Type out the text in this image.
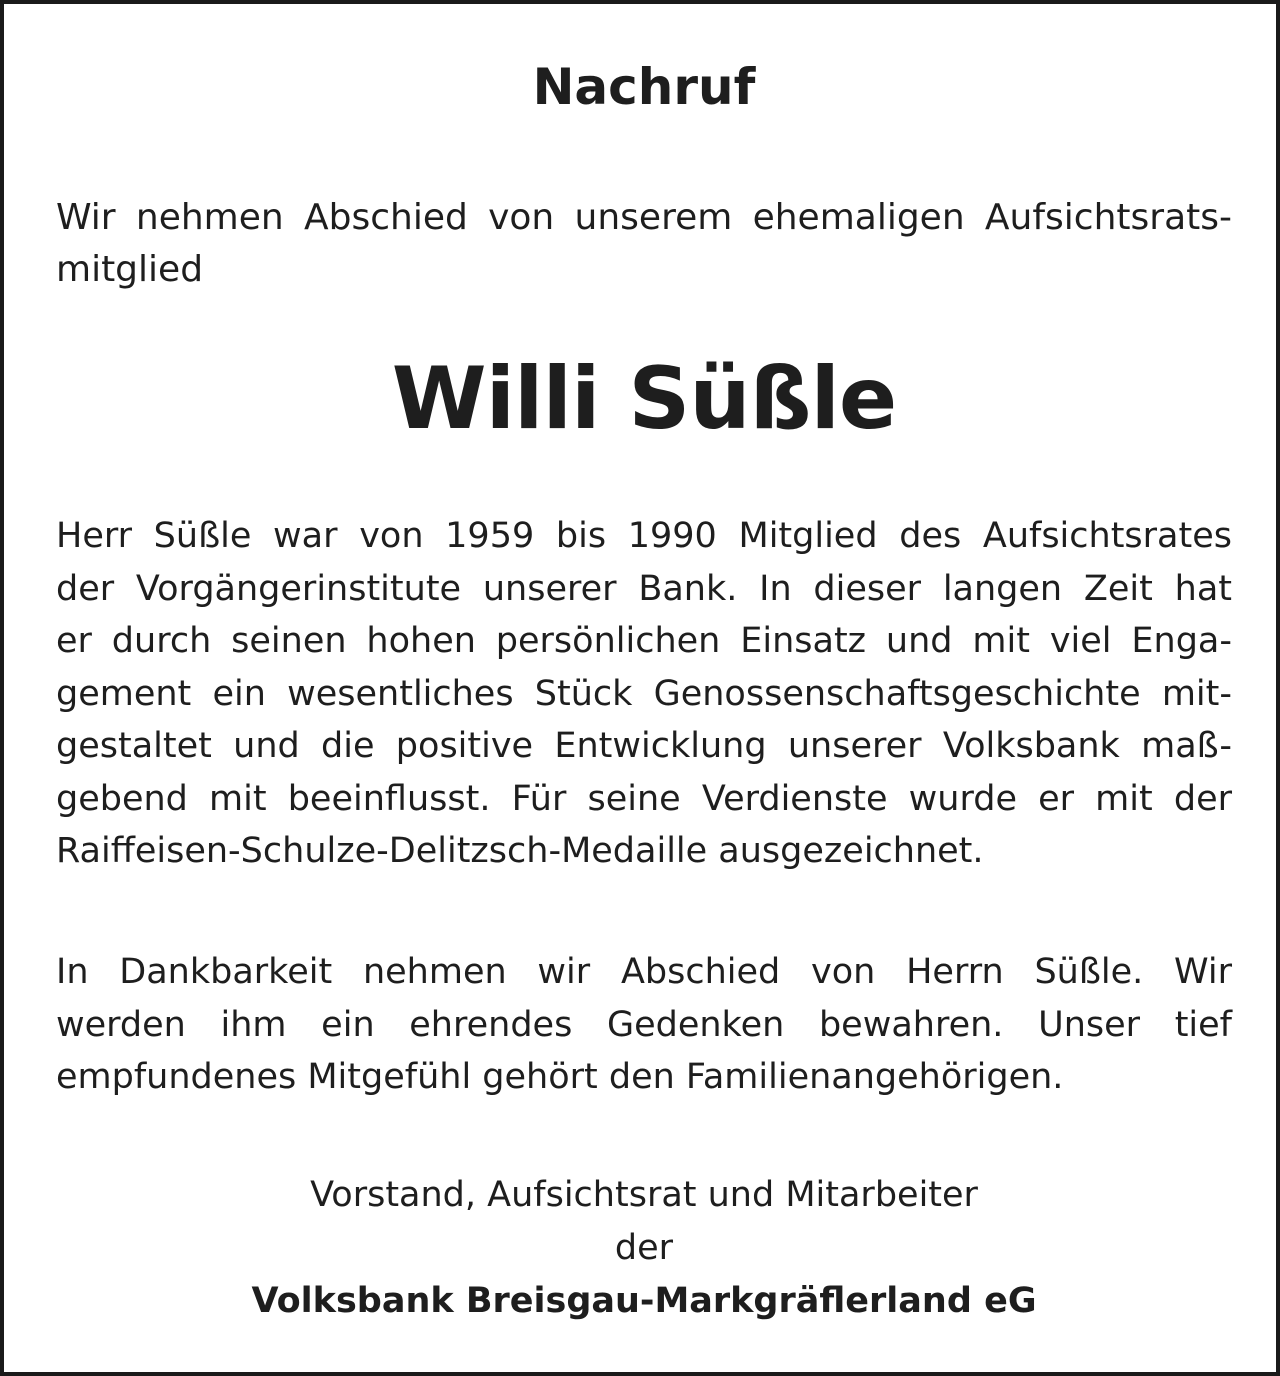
Nachruf
Wir nehmen Abschied von unserem ehemaligen Aufsichtsrats-
mitglied
Willi Süßle
Herr Süßle war von 1959 bis 1990 Mitglied des Aufsichtsrates
der Vorgängerinstitute unserer Bank. In dieser langen Zeit hat
er durch seinen hohen persönlichen Einsatz und mit viel Enga-
gement ein wesentliches Stück Genossenschaftsgeschichte mit-
gestaltet und die positive Entwicklung unserer Volksbank maß-
gebend mit beeinflusst. Für seine Verdienste wurde er mit der
Raiffeisen-Schulze-Delitzsch-Medaille ausgezeichnet.
In Dankbarkeit nehmen wir Abschied von Herrn Süßle. Wir
werden ihm ein ehrendes Gedenken bewahren. Unser tief
empfundenes Mitgefühl gehört den Familienangehörigen.
Vorstand, Aufsichtsrat und Mitarbeiter
der
Volksbank Breisgau-Markgräflerland eG
